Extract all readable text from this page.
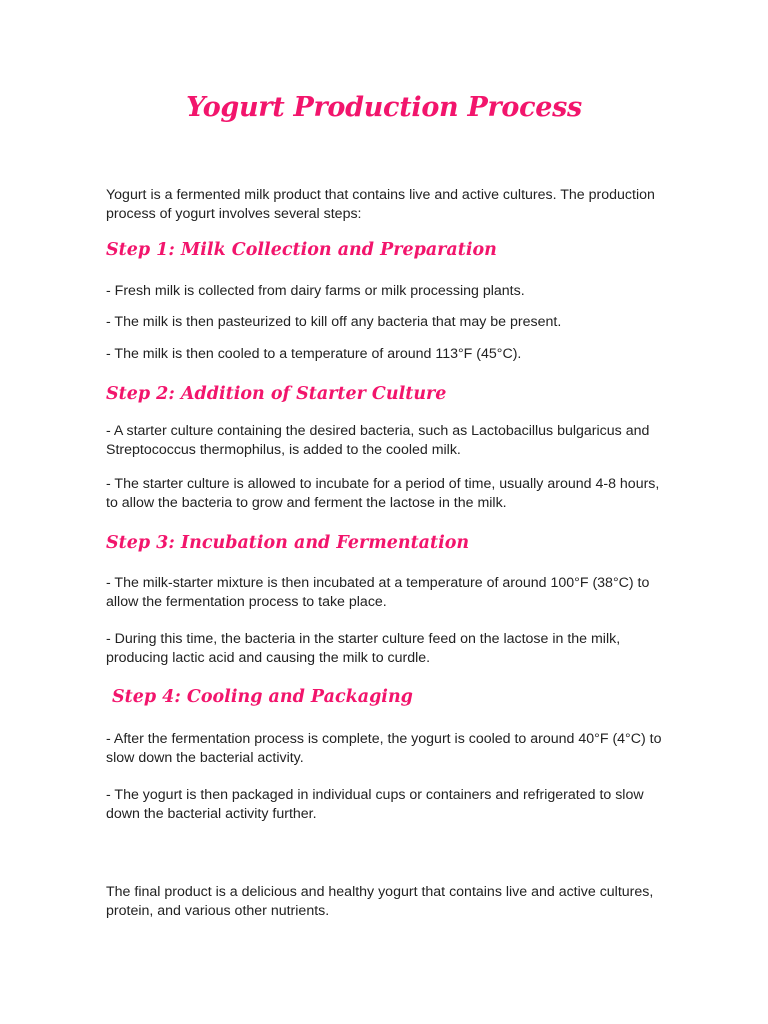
Yogurt Production Process

Yogurt is a fermented milk product that contains live and active cultures. The production process of yogurt involves several steps:

Step 1: Milk Collection and Preparation

- Fresh milk is collected from dairy farms or milk processing plants.

- The milk is then pasteurized to kill off any bacteria that may be present.

- The milk is then cooled to a temperature of around 113°F (45°C).

Step 2: Addition of Starter Culture

- A starter culture containing the desired bacteria, such as Lactobacillus bulgaricus and Streptococcus thermophilus, is added to the cooled milk.

- The starter culture is allowed to incubate for a period of time, usually around 4-8 hours, to allow the bacteria to grow and ferment the lactose in the milk.

Step 3: Incubation and Fermentation

- The milk-starter mixture is then incubated at a temperature of around 100°F (38°C) to allow the fermentation process to take place.

- During this time, the bacteria in the starter culture feed on the lactose in the milk, producing lactic acid and causing the milk to curdle.

Step 4: Cooling and Packaging

- After the fermentation process is complete, the yogurt is cooled to around 40°F (4°C) to slow down the bacterial activity.

- The yogurt is then packaged in individual cups or containers and refrigerated to slow down the bacterial activity further.

The final product is a delicious and healthy yogurt that contains live and active cultures, protein, and various other nutrients.
